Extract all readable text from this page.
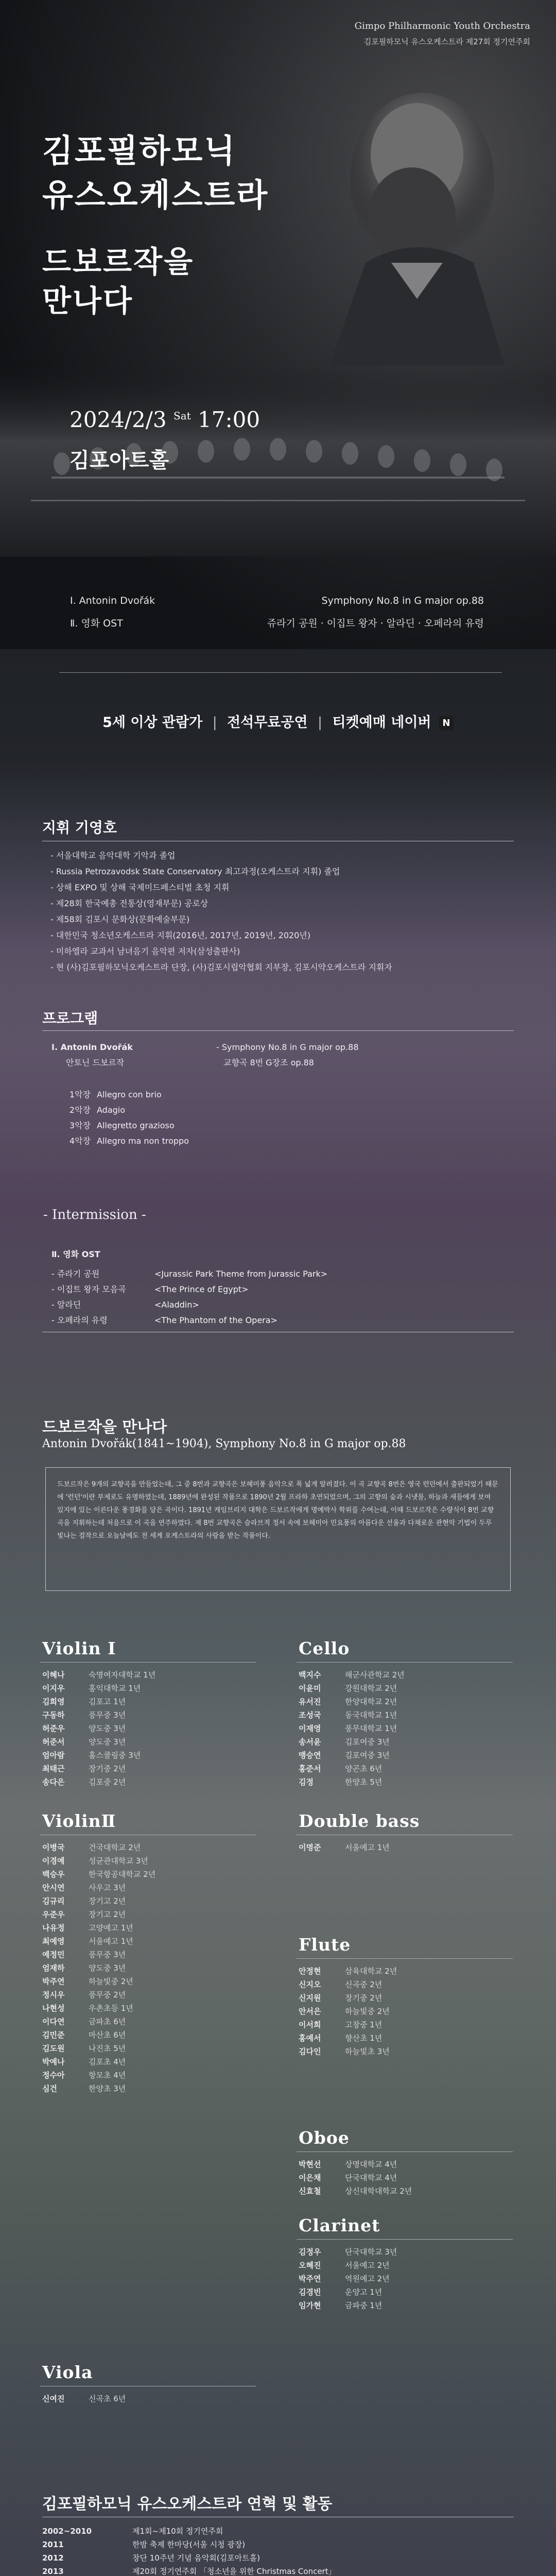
Gimpo Philharmonic Youth Orchestra
김포필하모닉 유스오케스트라 제27회 정기연주회
김포필하모닉
유스오케스트라
드보르작을
만나다
2024/2/3 $^{Sat}$ 17:00
김포아트홀
Ⅰ. Antonin Dvořák	Symphony No.8 in G major op.88
Ⅱ. 영화 OST	쥬라기 공원 · 이집트 왕자 · 알라딘 · 오페라의 유령
5세 이상 관람가 | 전석무료공연 | 티켓예매 네이버 N
지휘 기영호
- 서울대학교 음악대학 기악과 졸업
- Russia Petrozavodsk State Conservatory 최고과정(오케스트라 지휘) 졸업
- 상해 EXPO 및 상해 국제미드페스티벌 초청 지휘
- 제28회 한국예총 전통상(영재부문) 공로상
- 제58회 김포시 문화상(문화예술부문)
- 대한민국 청소년오케스트라 지휘(2016년, 2017년, 2019년, 2020년)
- 미하엘라 교과서 남녀음기 음악편 저자(삼성출판사)
- 현 (사)김포필하모닉오케스트라 단장, (사)김포시립악협회 지부장, 김포시약오케스트라 지휘자
프로그램
Ⅰ. Antonin Dvořák
안토닌 드보르작
- Symphony No.8 in G major op.88
교향곡 8번 G장조 op.88
1악장 Allegro con brio
2악장 Adagio
3악장 Allegretto grazioso
4악장 Allegro ma non troppo
- Intermission -
Ⅱ. 영화 OST
- 쥬라기 공원	<Jurassic Park Theme from Jurassic Park>
- 이집트 왕자 모음곡	<The Prince of Egypt>
- 알라딘	<Aladdin>
- 오페라의 유령	<The Phantom of the Opera>
드보르작을 만나다
Antonin Dvořák(1841~1904), Symphony No.8 in G major op.88
드보르작은 9개의 교향곡을 만들었는데, 그 중 8번과 교향곡은 보헤미풍 음악으로 폭 넓게 알려졌다. 이 곡 교향곡 8번은 영국 런던에서 출판되었기 때문에 '런던'이란 부제로도 유명하였는데, 1889년에 완성된 작품으로 1890년 2월 프라하 초연되었으며, 그의 고향의 숲과 시냇물, 하늘과 새들에게 보여 있지에 있는 이른다운 풍경화를 담은 곡이다. 1891년 케임브리지 대학은 드보르작에게 명예박사 학위를 수여는데, 이때 드보르작은 수량식이 8번 교향곡을 지휘하는데 처음으로 이 곡을 연주하였다. 제 8번 교향곡은 슬라브적 정서 속에 보헤미아 민요풍의 아름다운 선율과 다채로운 관현악 기법이 두루 빛나는 걸작으로 오늘날에도 전 세계 오케스트라의 사랑을 받는 작품이다.
Violin Ⅰ
이혜나	숙명여자대학교 1년
이지우	홍익대학교 1년
김희영	김포고 1년
구동하	풍무중 3년
허준우	양도중 3년
허준서	양도중 3년
엄아람	홈스쿨링중 3년
최태근	장기중 2년
송다은	김포중 2년
ViolinⅡ
이병국	건국대학교 2년
이경예	성균관대학교 3년
백승우	한국항공대학교 2년
안시연	사우고 3년
김규리	장기고 2년
우준우	장기고 2년
나유정	고양예고 1년
최예영	서울예고 1년
예정민	풍무중 3년
엄재하	양도중 3년
박주연	하늘빛중 2년
정시우	풍무중 2년
나현성	우촌초등 1년
이다연	금파초 6년
김민준	마산초 6년
김도원	나진초 5년
박예나	김포초 4년
정수아	항모초 4년
심건	한양초 3년
Viola
신여진	신곡초 6년
Cello
백지수	해군사관학교 2년
이윤미	강원대학교 2년
유서진	한양대학교 2년
조성국	동국대학교 1년
이재영	풍무대학교 1년
송서윤	김포여중 3년
맹승연	김포여중 3년
홍준서	양곤초 6년
김정	한양초 5년
Double bass
이명준	서울예고 1년
Flute
안정현	삼육대학교 2년
신지오	신곡중 2년
신지원	장기중 2년
안서은	하늘빛중 2년
이서희	고창중 1년
홍예서	향산초 1년
김다인	하늘빛초 3년
Oboe
박현선	상명대학교 4년
이은채	단국대학교 4년
신효철	상신대학대학교 2년
Clarinet
김정우	단국대학교 3년
오혜진	서울예고 2년
박주연	역원예고 2년
김경빈	운양고 1년
임가현	금파중 1년
김포필하모닉 유스오케스트라 연혁 및 활동
2002~2010	제1회~제10회 정기연주회
2011	한밤 축제 한마당(서울 시청 광장)
2012	창단 10주년 기념 음악회(김포아트홀)
2013	제20회 정기연주회 「청소년을 위한 Christmas Concert」
